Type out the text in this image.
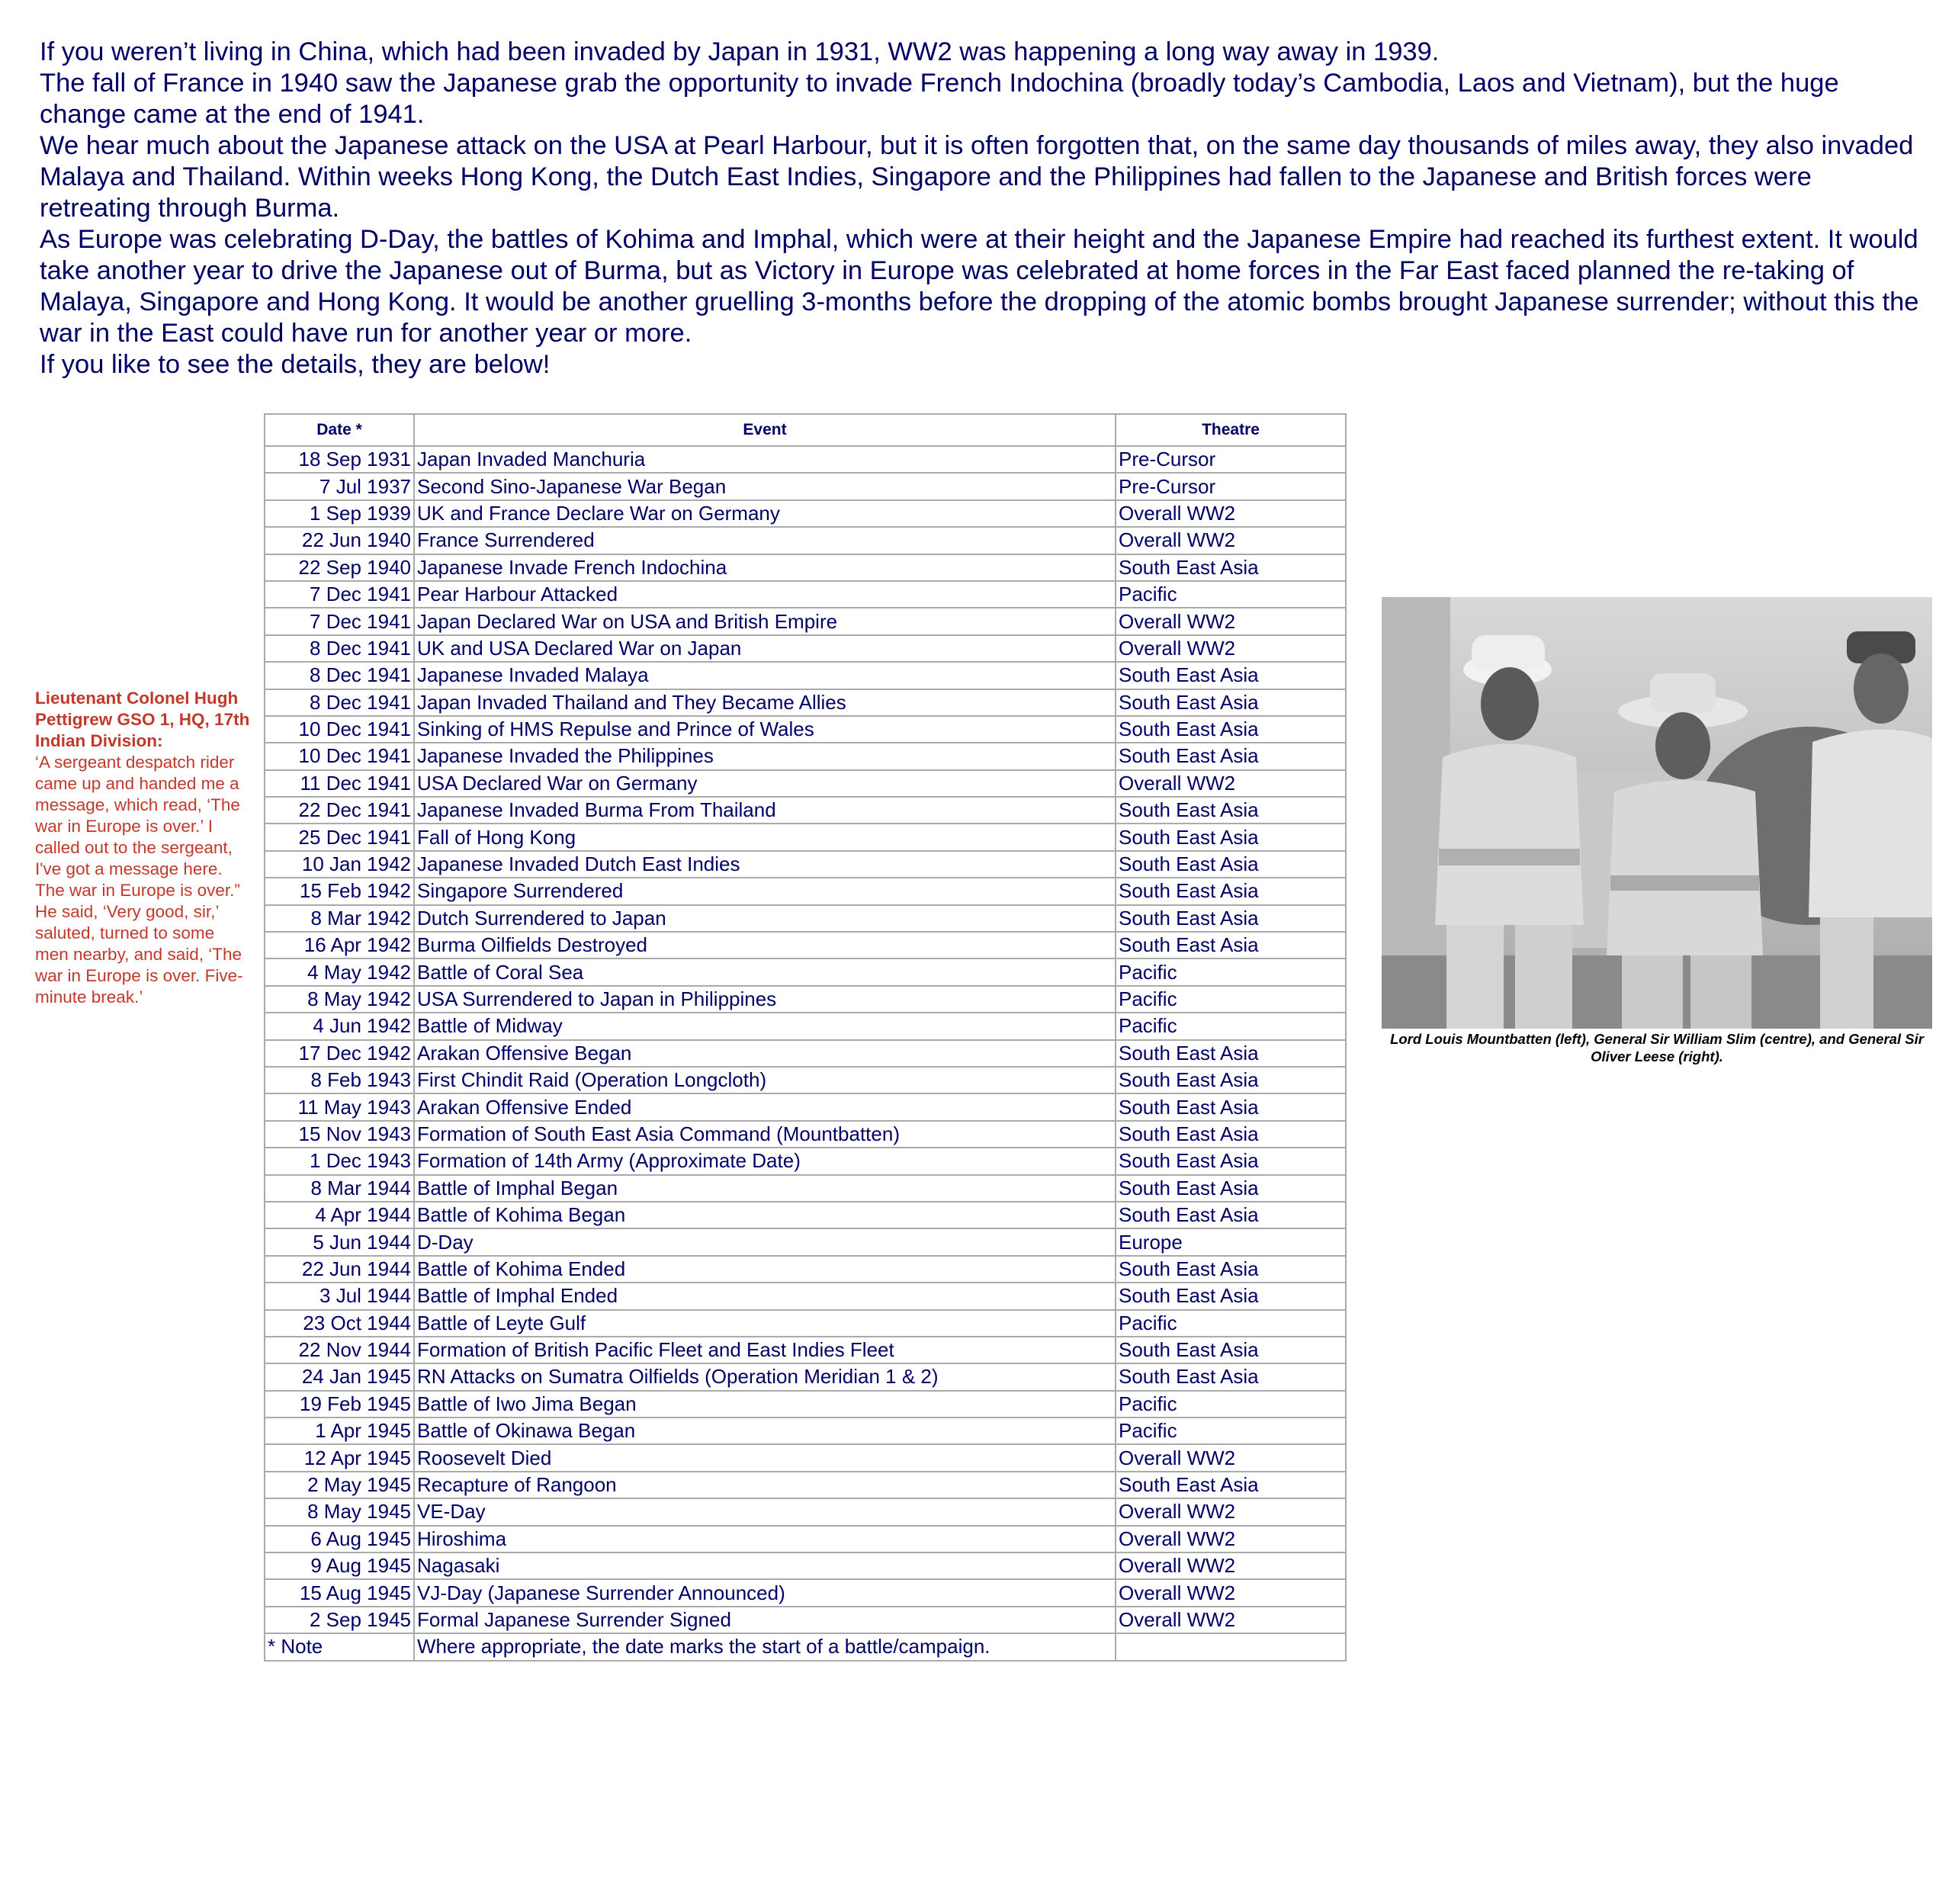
If you weren’t living in China, which had been invaded by Japan in 1931, WW2 was happening a long way away in 1939.

The fall of France in 1940 saw the Japanese grab the opportunity to invade French Indochina (broadly today’s Cambodia, Laos and Vietnam), but the huge change came at the end of 1941.

We hear much about the Japanese attack on the USA at Pearl Harbour, but it is often forgotten that, on the same day thousands of miles away, they also invaded Malaya and Thailand. Within weeks Hong Kong, the Dutch East Indies, Singapore and the Philippines had fallen to the Japanese and British forces were retreating through Burma.

As Europe was celebrating D-Day, the battles of Kohima and Imphal, which were at their height and the Japanese Empire had reached its furthest extent. It would take another year to drive the Japanese out of Burma, but as Victory in Europe was celebrated at home forces in the Far East faced planned the re-taking of Malaya, Singapore and Hong Kong. It would be another gruelling 3-months before the dropping of the atomic bombs brought Japanese surrender; without this the war in the East could have run for another year or more.

If you like to see the details, they are below!

Lieutenant Colonel Hugh Pettigrew GSO 1, HQ, 17th Indian Division:

‘A sergeant despatch rider came up and handed me a message, which read, ‘The war in Europe is over.’ I called out to the sergeant, I've got a message here. The war in Europe is over.” He said, ‘Very good, sir,’ saluted, turned to some men nearby, and said, ‘The war in Europe is over. Five-minute break.’

Date *	Event	Theatre
18 Sep 1931	Japan Invaded Manchuria	Pre-Cursor
7 Jul 1937	Second Sino-Japanese War Began	Pre-Cursor
1 Sep 1939	UK and France Declare War on Germany	Overall WW2
22 Jun 1940	France Surrendered	Overall WW2
22 Sep 1940	Japanese Invade French Indochina	South East Asia
7 Dec 1941	Pear Harbour Attacked	Pacific
7 Dec 1941	Japan Declared War on USA and British Empire	Overall WW2
8 Dec 1941	UK and USA Declared War on Japan	Overall WW2
8 Dec 1941	Japanese Invaded Malaya	South East Asia
8 Dec 1941	Japan Invaded Thailand and They Became Allies	South East Asia
10 Dec 1941	Sinking of HMS Repulse and Prince of Wales	South East Asia
10 Dec 1941	Japanese Invaded the Philippines	South East Asia
11 Dec 1941	USA Declared War on Germany	Overall WW2
22 Dec 1941	Japanese Invaded Burma From Thailand	South East Asia
25 Dec 1941	Fall of Hong Kong	South East Asia
10 Jan 1942	Japanese Invaded Dutch East Indies	South East Asia
15 Feb 1942	Singapore Surrendered	South East Asia
8 Mar 1942	Dutch Surrendered to Japan	South East Asia
16 Apr 1942	Burma Oilfields Destroyed	South East Asia
4 May 1942	Battle of Coral Sea	Pacific
8 May 1942	USA Surrendered to Japan in Philippines	Pacific
4 Jun 1942	Battle of Midway	Pacific
17 Dec 1942	Arakan Offensive Began	South East Asia
8 Feb 1943	First Chindit Raid (Operation Longcloth)	South East Asia
11 May 1943	Arakan Offensive Ended	South East Asia
15 Nov 1943	Formation of South East Asia Command (Mountbatten)	South East Asia
1 Dec 1943	Formation of 14th Army (Approximate Date)	South East Asia
8 Mar 1944	Battle of Imphal Began	South East Asia
4 Apr 1944	Battle of Kohima Began	South East Asia
5 Jun 1944	D-Day	Europe
22 Jun 1944	Battle of Kohima Ended	South East Asia
3 Jul 1944	Battle of Imphal Ended	South East Asia
23 Oct 1944	Battle of Leyte Gulf	Pacific
22 Nov 1944	Formation of British Pacific Fleet and East Indies Fleet	South East Asia
24 Jan 1945	RN Attacks on Sumatra Oilfields (Operation Meridian 1 & 2)	South East Asia
19 Feb 1945	Battle of Iwo Jima Began	Pacific
1 Apr 1945	Battle of Okinawa Began	Pacific
12 Apr 1945	Roosevelt Died	Overall WW2
2 May 1945	Recapture of Rangoon	South East Asia
8 May 1945	VE-Day	Overall WW2
6 Aug 1945	Hiroshima	Overall WW2
9 Aug 1945	Nagasaki	Overall WW2
15 Aug 1945	VJ-Day (Japanese Surrender Announced)	Overall WW2
2 Sep 1945	Formal Japanese Surrender Signed	Overall WW2
* Note	Where appropriate, the date marks the start of a battle/campaign.	
Lord Louis Mountbatten (left), General Sir William Slim (centre), and General Sir Oliver Leese (right).
